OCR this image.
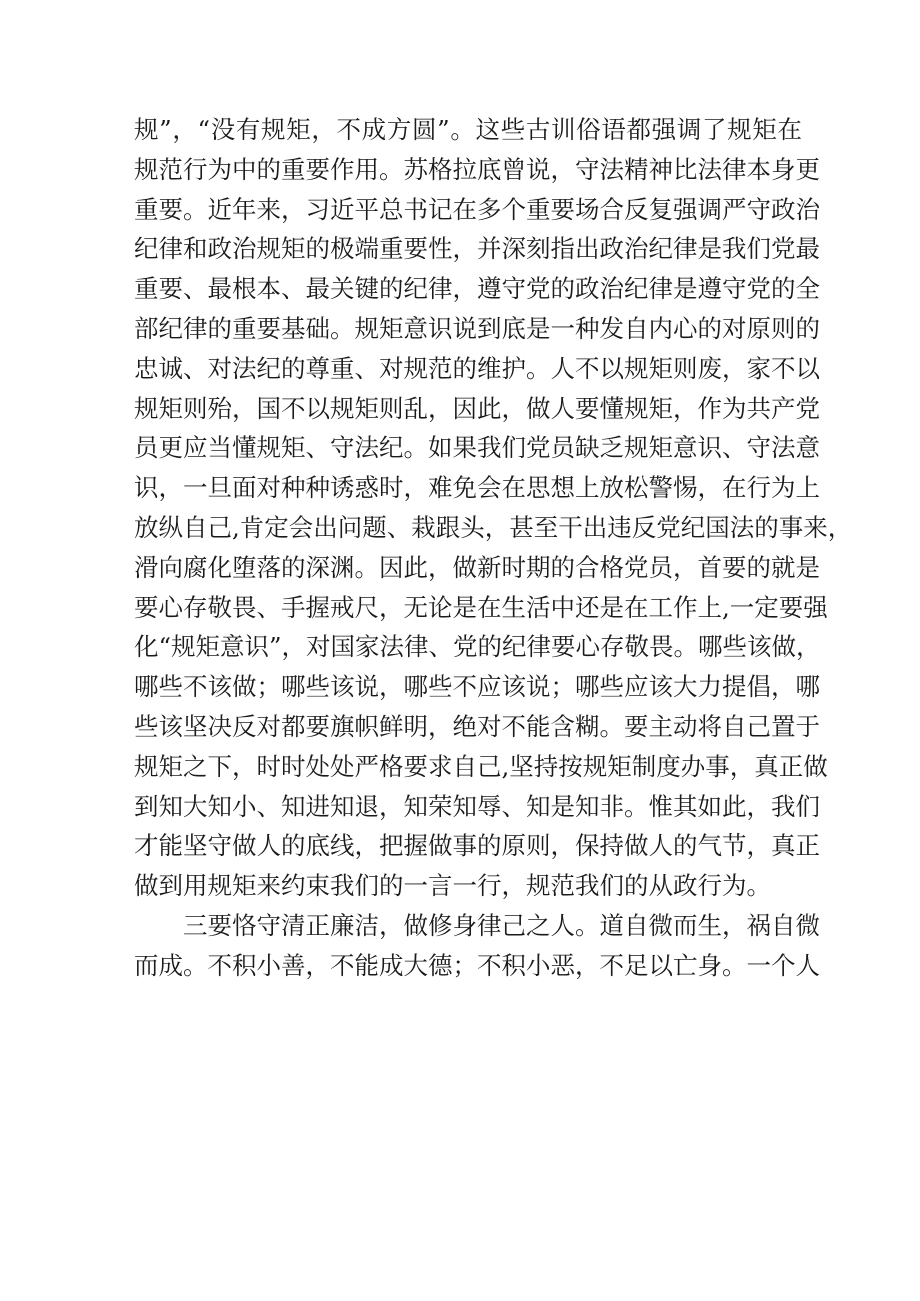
规”，“没有规矩，不成方圆”。这些古训俗语都强调了规矩在
规范行为中的重要作用。苏格拉底曾说，守法精神比法律本身更
重要。近年来，习近平总书记在多个重要场合反复强调严守政治
纪律和政治规矩的极端重要性，并深刻指出政治纪律是我们党最
重要、最根本、最关键的纪律，遵守党的政治纪律是遵守党的全
部纪律的重要基础。规矩意识说到底是一种发自内心的对原则的
忠诚、对法纪的尊重、对规范的维护。人不以规矩则废，家不以
规矩则殆，国不以规矩则乱，因此，做人要懂规矩，作为共产党
员更应当懂规矩、守法纪。如果我们党员缺乏规矩意识、守法意
识，一旦面对种种诱惑时，难免会在思想上放松警惕，在行为上
放纵自己,肯定会出问题、栽跟头，甚至干出违反党纪国法的事来，
滑向腐化堕落的深渊。因此，做新时期的合格党员，首要的就是
要心存敬畏、手握戒尺，无论是在生活中还是在工作上,一定要强
化“规矩意识”，对国家法律、党的纪律要心存敬畏。哪些该做，
哪些不该做；哪些该说，哪些不应该说；哪些应该大力提倡，哪
些该坚决反对都要旗帜鲜明，绝对不能含糊。要主动将自己置于
规矩之下，时时处处严格要求自己,坚持按规矩制度办事，真正做
到知大知小、知进知退，知荣知辱、知是知非。惟其如此，我们
才能坚守做人的底线，把握做事的原则，保持做人的气节，真正
做到用规矩来约束我们的一言一行，规范我们的从政行为。
三要恪守清正廉洁，做修身律己之人。道自微而生，祸自微
而成。不积小善，不能成大德；不积小恶，不足以亡身。一个人
